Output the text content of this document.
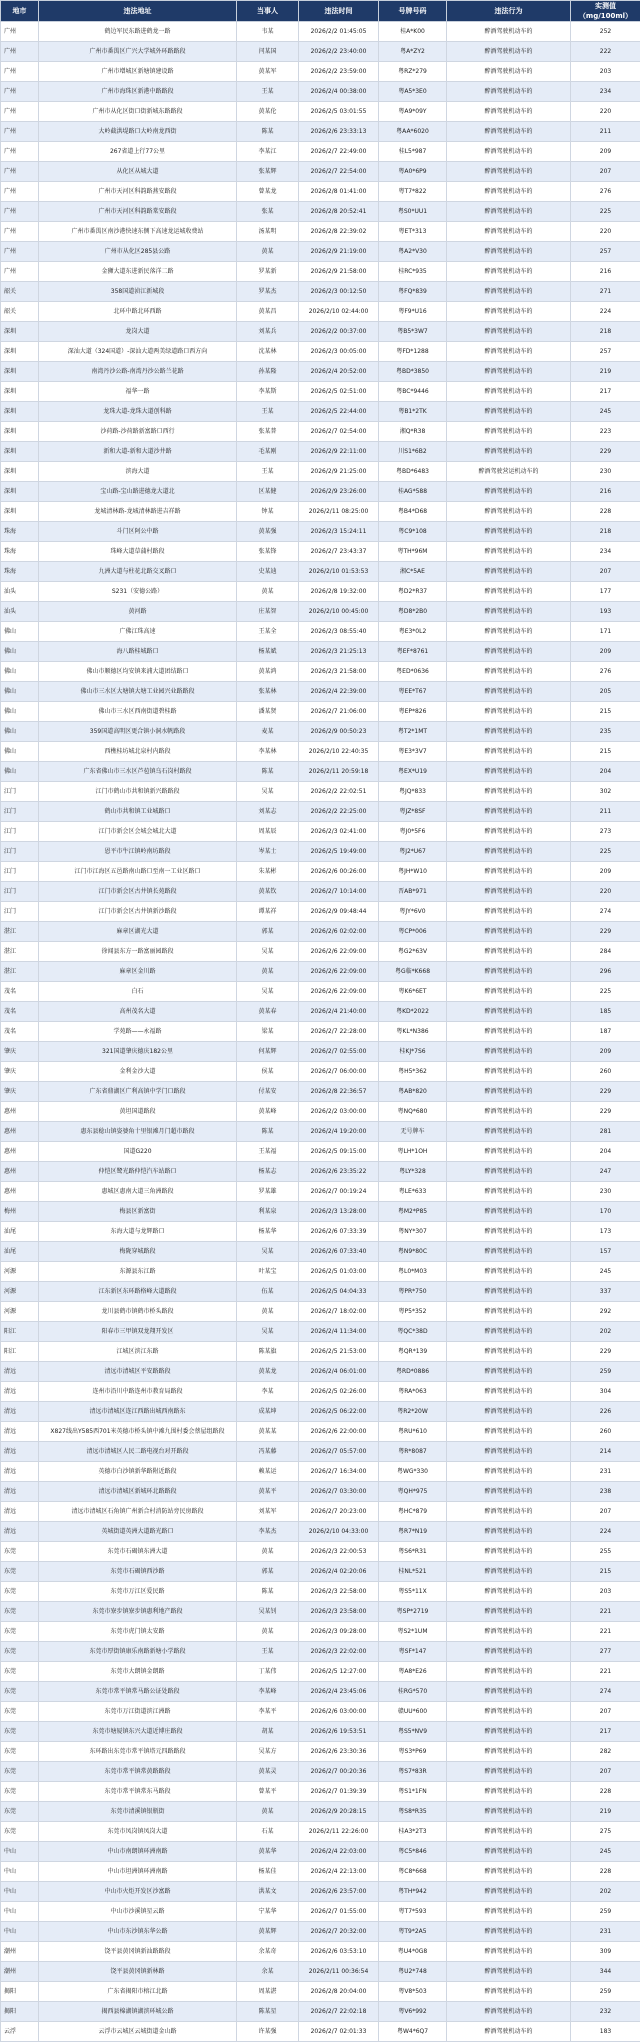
地市	违法地址	当事人	违法时间	号牌号码	违法行为	实测值（mg/100ml）
广州	鹤边军民东路进鹤龙一路	韦某	2026/2/2 01:45:05	桂A*K00	醉酒驾驶机动车的	252
广州	广州市番禺区广兴大学城外环路路段	闫某国	2026/2/2 23:40:00	粤A*ZY2	醉酒驾驶机动车的	222
广州	广州市增城区新塘镇建设路	黄某军	2026/2/2 23:59:00	粤RZ*279	醉酒驾驶机动车的	203
广州	广州市海珠区新港中路路段	王某	2026/2/4 00:38:00	粤A5*3E0	醉酒驾驶机动车的	234
广州	广州市从化区街口街新城东路路段	黄某伦	2026/2/5 03:01:55	粤A9*09Y	醉酒驾驶机动车的	220
广州	大岭截洪堤路口大岭南龙西街	陈某	2026/2/6 23:33:13	粤AA*6020	醉酒驾驶机动车的	211
广州	267省道上行77公里	李某江	2026/2/7 22:49:00	桂L5*987	醉酒驾驶机动车的	209
广州	从化区从城大道	张某辉	2026/2/7 22:54:00	粤A0*6P9	醉酒驾驶机动车的	207
广州	广州市天河区科韵路燕安路段	曾某龙	2026/2/8 01:41:00	粤T7*822	醉酒驾驶机动车的	276
广州	广州市天河区科韵路棠安路段	张某	2026/2/8 20:52:41	粤S0*UU1	醉酒驾驶机动车的	225
广州	广州市番禺区南沙港快速东侧下高速龙运城收费站	汤某明	2026/2/8 22:39:02	粤ET*313	醉酒驾驶机动车的	220
广州	广州市从化区285县公路	黄某	2026/2/9 21:19:00	粤A2*V30	醉酒驾驶机动车的	257
广州	金狮大道东进新民落洋二路	罗某新	2026/2/9 21:58:00	桂RC*935	醉酒驾驶机动车的	216
韶关	358国道浈江新城段	罗某杰	2026/2/3 00:12:50	粤FQ*839	醉酒驾驶机动车的	271
韶关	北环中路北环西路	黄某昌	2026/2/10 02:44:00	粤F9*U16	醉酒驾驶机动车的	224
深圳	龙岗大道	刘某兵	2026/2/2 00:37:00	粤B5*3W7	醉酒驾驶机动车的	218
深圳	深汕大道（324国道）-深汕大道两美绿道路口西方向	沈某林	2026/2/3 00:05:00	粤FD*1288	醉酒驾驶机动车的	257
深圳	南湾丹沙公路-南湾丹沙公路兰花路	孙某隆	2026/2/4 20:52:00	粤BD*3850	醉酒驾驶机动车的	219
深圳	福华一路	李某斯	2026/2/5 02:51:00	粤BC*9446	醉酒驾驶机动车的	217
深圳	龙珠大道-龙珠大道创科路	王某	2026/2/5 22:44:00	粤B1*2TK	醉酒驾驶机动车的	245
深圳	沙荷路-沙荷路新富路口西行	张某普	2026/2/7 02:54:00	湘Q*R38	醉酒驾驶机动车的	223
深圳	新和大道-新和大道沙井路	毛某刚	2026/2/9 22:11:00	川S1*6B2	醉酒驾驶机动车的	229
深圳	滨海大道	王某	2026/2/9 21:25:00	粤BD*6483	醉酒驾驶营运机动车的	230
深圳	宝山路-宝山路进德龙大道北	区某健	2026/2/9 23:26:00	桂AG*588	醉酒驾驶机动车的	216
深圳	龙城清林路-龙城清林路进吉祥路	钟某	2026/2/11 08:25:00	粤B4*D68	醉酒驾驶机动车的	228
珠海	斗门区阿公中路	黄某强	2026/2/3 15:24:11	粤C9*108	醉酒驾驶机动车的	218
珠海	珠峰大道草蒲村路段	张某锋	2026/2/7 23:43:37	粤TH*96M	醉酒驾驶机动车的	234
珠海	九洲大道与柱花北路交叉路口	史某迪	2026/2/10 01:53:53	湘C*5AE	醉酒驾驶机动车的	207
汕头	S231（安德公路）	黄某	2026/2/8 19:32:00	粤D2*R37	醉酒驾驶机动车的	177
汕头	黄河路	庄某智	2026/2/10 00:45:00	粤D8*2B0	醉酒驾驶机动车的	193
佛山	广佛江珠高速	王某全	2026/2/3 08:55:40	粤E3*0L2	醉酒驾驶机动车的	171
佛山	海八路桂城路口	杨某斌	2026/2/3 21:25:13	粤EF*8761	醉酒驾驶机动车的	209
佛山	佛山市顺德区均安镇来浦大道团结路口	黄某鸿	2026/2/3 21:58:00	粤ED*0636	醉酒驾驶机动车的	276
佛山	佛山市三水区大塘镇大塘工业园兴业路路段	张某林	2026/2/4 22:39:00	粤EE*T67	醉酒驾驶机动车的	205
佛山	佛山市三水区西南街道碧桂路	潘某贤	2026/2/7 21:06:00	粤EP*826	醉酒驾驶机动车的	215
佛山	359国道高明区更合镇小洞水帆路段	麦某	2026/2/9 00:50:23	粤T2*1MT	醉酒驾驶机动车的	235
佛山	西樵桂坊城北泉村内路段	李某林	2026/2/10 22:40:35	粤E3*3V7	醉酒驾驶机动车的	215
佛山	广东省佛山市三水区芦苞镇乌石岗村路段	陈某	2026/2/11 20:59:18	粤EX*U19	醉酒驾驶机动车的	204
江门	江门市鹤山市共和镇新兴路路段	吴某	2026/2/2 22:02:51	粤JQ*833	醉酒驾驶机动车的	302
江门	鹤山市共和镇工业城路口	刘某志	2026/2/2 22:25:00	粤JZ*8SF	醉酒驾驶机动车的	211
江门	江门市新会区会城会城北大道	周某辰	2026/2/3 02:41:00	粤J0*5F6	醉酒驾驶机动车的	273
江门	恩平市牛江镇岭南坊路段	岑某士	2026/2/5 19:49:00	粤J2*U67	醉酒驾驶机动车的	225
江门	江门市江海区五邑路南山路口至南一工业区路口	朱某彬	2026/2/6 00:26:00	粤JH*W10	醉酒驾驶机动车的	209
江门	江门市新会区古井镇长苑路段	黄某钦	2026/2/7 10:14:00	晋AB*971	醉酒驾驶机动车的	220
江门	江门市新会区古井镇新沙路段	谭某祥	2026/2/9 09:48:44	粤JY*6V0	醉酒驾驶机动车的	274
湛江	麻章区湖光大道	郭某	2026/2/6 02:02:00	粤CP*006	醉酒驾驶机动车的	229
湛江	徐闻县东方一路富丽园路段	吴某	2026/2/6 22:09:00	粤G2*63V	醉酒驾驶机动车的	284
湛江	麻章区金川路	黄某	2026/2/6 22:09:00	粤G临*K668	醉酒驾驶机动车的	296
茂名	白石	吴某	2026/2/6 22:09:00	粤K6*6ET	醉酒驾驶机动车的	225
茂名	高州茂名大道	黄某春	2026/2/4 21:40:00	粤KD*2022	醉酒驾驶机动车的	185
茂名	学苑路——永福路	梁某	2026/2/7 22:28:00	粤KL*N386	醉酒驾驶机动车的	187
肇庆	321国道肇庆德庆182公里	何某辉	2026/2/7 02:55:00	桂KJ*7S6	醉酒驾驶机动车的	209
肇庆	金利金沙大道	侯某	2026/2/7 06:00:00	粤H5*362	醉酒驾驶机动车的	260
肇庆	广东省鼎湖区广利高镇中学门口路段	付某安	2026/2/8 22:36:57	粤AB*820	醉酒驾驶机动车的	229
惠州	黄坦国道路段	黄某峰	2026/2/2 03:00:00	粤NQ*680	醉酒驾驶机动车的	229
惠州	惠东县稔山镇姿婆角十里银滩月门超市路段	陈某	2026/2/4 19:20:00	无号牌车	醉酒驾驶机动车的	281
惠州	国道G220	王某福	2026/2/5 09:15:00	粤LH*1OH	醉酒驾驶机动车的	204
惠州	仲恺区鹭光路仲恺汽车站路口	杨某志	2026/2/6 23:35:22	粤LY*328	醉酒驾驶机动车的	247
惠州	惠城区惠南大道三角洲路段	罗某雄	2026/2/7 00:19:24	粤LE*633	醉酒驾驶机动车的	230
梅州	梅县区新富街	利某泉	2026/2/3 13:28:00	粤M2*P85	醉酒驾驶机动车的	170
汕尾	东海大道与龙辉路口	杨某华	2026/2/6 07:33:39	粤NY*307	醉酒驾驶机动车的	173
汕尾	梅陇穿城路段	吴某	2026/2/6 07:33:40	粤N9*80C	醉酒驾驶机动车的	157
河源	东源县东江路	叶某宝	2026/2/5 01:03:00	粤L0*M03	醉酒驾驶机动车的	245
河源	江东新区东环路格峰大道路段	伍某	2026/2/5 04:04:33	粤PR*750	醉酒驾驶机动车的	337
河源	龙川县鹤市镇鹤市桥头路段	黄某	2026/2/7 18:02:00	粤P5*352	醉酒驾驶机动车的	292
阳江	阳春市三甲镇双龙翔开发区	吴某	2026/2/4 11:34:00	粤QC*38D	醉酒驾驶机动车的	202
阳江	江城区滨江东路	陈某旗	2026/2/5 21:53:00	粤QR*139	醉酒驾驶机动车的	229
清远	清远市清城区平安路路段	黄某龙	2026/2/4 06:01:00	粤RD*0886	醉酒驾驶机动车的	259
清远	连州市沿川中路连州市教育局路段	李某	2026/2/5 02:26:00	粤RA*063	醉酒驾驶机动车的	304
清远	清远市清城区连江西路出城西南路东	成某坤	2026/2/5 06:22:00	粤R2*20W	醉酒驾驶机动车的	226
清远	X827线出Y585西701米英德市桥头镇中滩九围村委会蔡屋组路段	黄某某	2026/2/6 22:00:00	粤RU*610	醉酒驾驶机动车的	260
清远	清远市清城区人民二路电视台对开路段	冯某藤	2026/2/7 05:57:00	粤R*8087	醉酒驾驶机动车的	214
清远	英德市白沙镇新华路附近路段	赖某运	2026/2/7 16:34:00	粤WG*330	醉酒驾驶机动车的	231
清远	清远市清城区新城环北路路段	黄某平	2026/2/7 03:30:00	粤QH*975	醉酒驾驶机动车的	238
清远	清远市清城区石角镇广州新合村消防站旁民房路段	刘某军	2026/2/7 20:23:00	粤HC*879	醉酒驾驶机动车的	207
清远	英城街道英洲大道路光路口	李某杰	2026/2/10 04:33:00	粤R7*N19	醉酒驾驶机动车的	224
东莞	东莞市石碣镇东洲大道	黄某	2026/2/3 22:00:53	粤S6*R31	醉酒驾驶机动车的	255
东莞	东莞市石碣镇西沙路	郭某	2026/2/4 02:20:06	桂NL*521	醉酒驾驶机动车的	215
东莞	东莞市万江区爱民路	陈某	2026/2/3 22:58:00	粤S5*11X	醉酒驾驶机动车的	203
东莞	东莞市寮步镇寮步镇惠利地产路段	吴某钊	2026/2/3 23:58:00	粤SP*2719	醉酒驾驶机动车的	221
东莞	东莞市虎门镇太安路	黄某	2026/2/3 09:28:00	粤S2*1UM	醉酒驾驶机动车的	221
东莞	东莞市厚街镇康乐南路新塘小学路段	王某	2026/2/3 22:02:00	粤SF*147	醉酒驾驶机动车的	277
东莞	东莞市大朗镇金朗路	丁某伟	2026/2/5 12:27:00	粤A8*E26	醉酒驾驶机动车的	221
东莞	东莞市常平镇常马路公证处路段	李某峰	2026/2/4 23:45:06	桂RG*570	醉酒驾驶机动车的	274
东莞	东莞市万江街道滨江洲路	李某平	2026/2/6 03:00:00	赣UU*600	醉酒驾驶机动车的	207
东莞	东莞市塘厦镇东兴大道近博庄路段	胡某	2026/2/6 19:53:51	粤S5*NV9	醉酒驾驶机动车的	217
东莞	东环路出东莞市常平镇塔元四路路段	吴某方	2026/2/6 23:30:36	粤S3*P69	醉酒驾驶机动车的	282
东莞	东莞市常平镇常黄路路段	黄某灵	2026/2/7 00:20:36	粤S7*83R	醉酒驾驶机动车的	207
东莞	东莞市常平镇常东马路段	曾某平	2026/2/7 01:39:39	粤S1*1FN	醉酒驾驶机动车的	228
东莞	东莞市清溪镇银瓶街	黄某	2026/2/9 20:28:15	粤S8*R35	醉酒驾驶机动车的	219
东莞	东莞市凤岗镇凤岗大道	石某	2026/2/11 22:26:00	桂A3*2T3	醉酒驾驶机动车的	275
中山	中山市南朗镇环洲南路	黄某华	2026/2/4 22:03:00	粤C5*846	醉酒驾驶机动车的	245
中山	中山市坦洲镇环洲南路	杨某佳	2026/2/4 22:13:00	粤C8*668	醉酒驾驶机动车的	228
中山	中山市火炬开发区沙富路	洪某文	2026/2/6 23:57:00	粤TH*942	醉酒驾驶机动车的	202
中山	中山市沙溪镇星云路	宁某华	2026/2/7 01:55:00	粤T7*593	醉酒驾驶机动车的	259
中山	中山市东沙镇东华公路	黄某辉	2026/2/7 20:32:00	粤T9*2A5	醉酒驾驶机动车的	231
潮州	饶平县黄冈镇新汕路路段	余某奇	2026/2/6 03:53:10	粤U4*0G8	醉酒驾驶机动车的	309
潮州	饶平县黄冈镇新林路	余某	2026/2/11 00:36:54	粤U2*748	醉酒驾驶机动车的	344
揭阳	广东省揭阳市榕江北路	周某湛	2026/2/8 20:04:00	粤V8*503	醉酒驾驶机动车的	259
揭阳	揭西县棉湖镇湖滨环城公路	陈某星	2026/2/7 22:02:18	粤V6*992	醉酒驾驶机动车的	232
云浮	云浮市云城区云城街道金山路	许某强	2026/2/7 02:01:33	粤W4*6Q7	醉酒驾驶机动车的	183
